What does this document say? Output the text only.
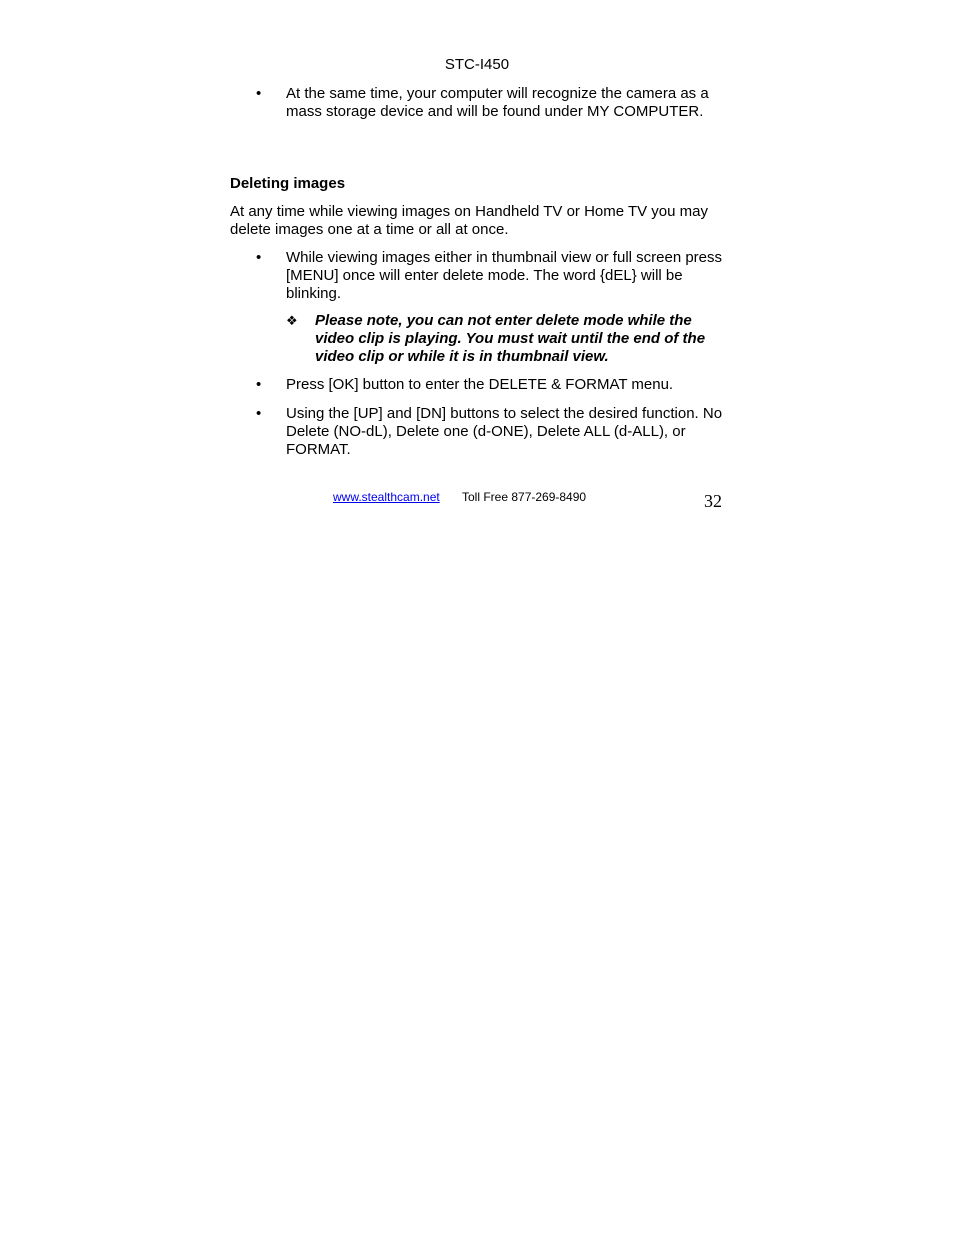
STC-I450
•	At the same time, your computer will recognize the camera as a mass storage device and will be found under MY COMPUTER.
Deleting images
At any time while viewing images on Handheld TV or Home TV you may delete images one at a time or all at once.
•	While viewing images either in thumbnail view or full screen press [MENU] once will enter delete mode. The word {dEL} will be blinking.
❖ Please note, you can not enter delete mode while the video clip is playing. You must wait until the end of the video clip or while it is in thumbnail view.
•	Press [OK] button to enter the DELETE & FORMAT menu.
•	Using the [UP] and [DN] buttons to select the desired function. No Delete (NO-dL), Delete one (d-ONE), Delete ALL (d-ALL), or FORMAT.
www.stealthcam.net Toll Free 877-269-8490	32
